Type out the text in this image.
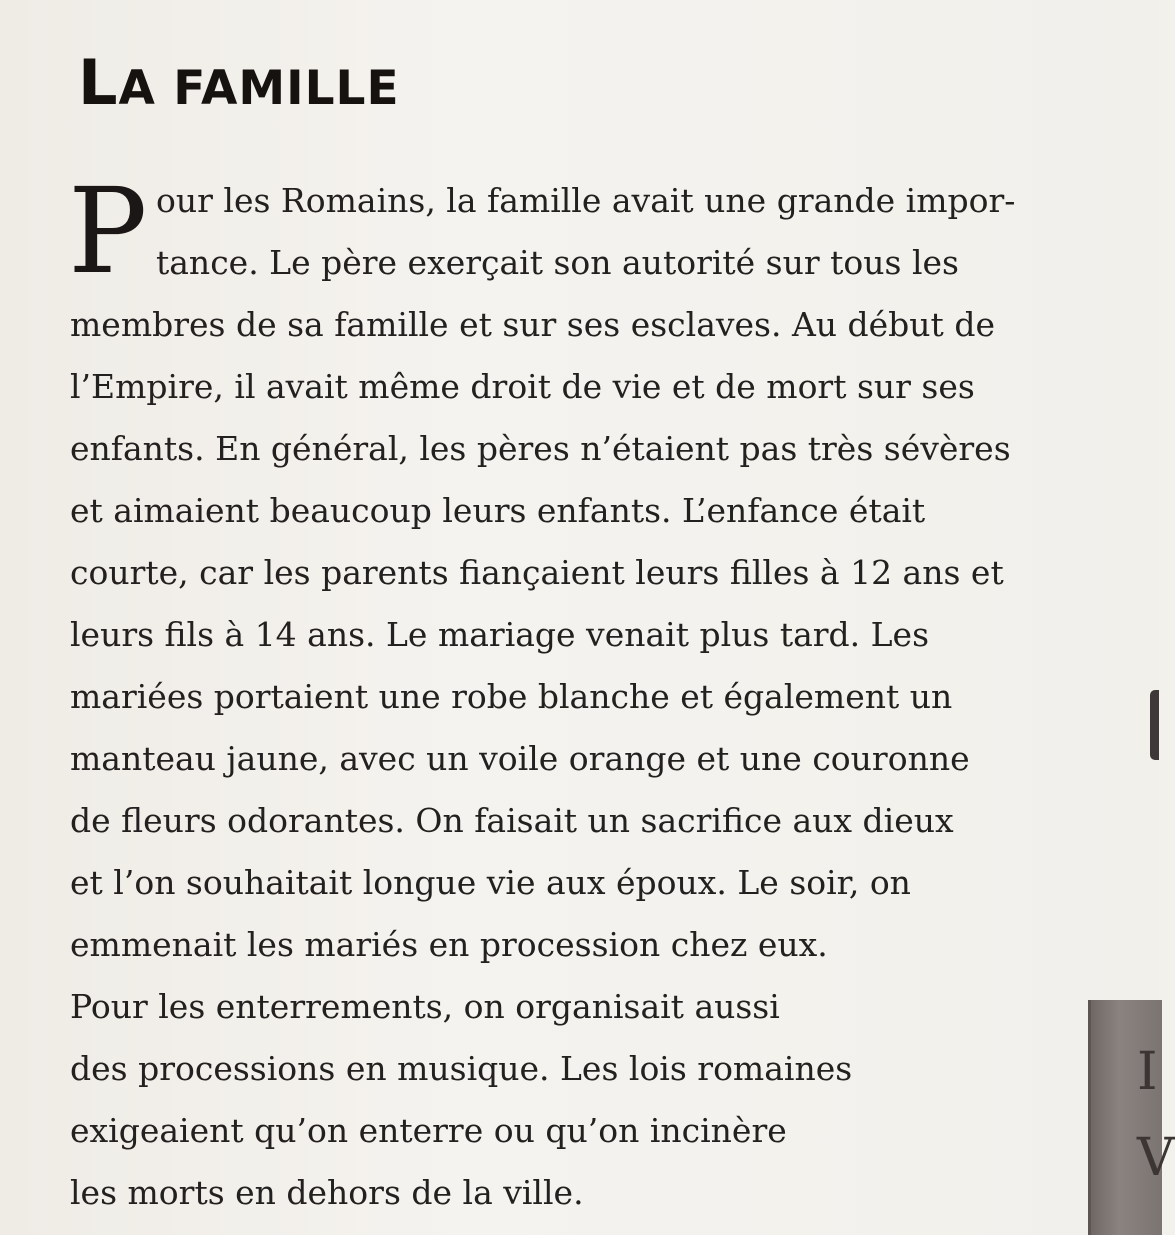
LA FAMILLE
P our les Romains, la famille avait une grande impor-
tance. Le père exerçait son autorité sur tous les
membres de sa famille et sur ses esclaves. Au début de
l’Empire, il avait même droit de vie et de mort sur ses
enfants. En général, les pères n’étaient pas très sévères
et aimaient beaucoup leurs enfants. L’enfance était
courte, car les parents fiançaient leurs filles à 12 ans et
leurs fils à 14 ans. Le mariage venait plus tard. Les
mariées portaient une robe blanche et également un
manteau jaune, avec un voile orange et une couronne
de fleurs odorantes. On faisait un sacrifice aux dieux
et l’on souhaitait longue vie aux époux. Le soir, on
emmenait les mariés en procession chez eux.
Pour les enterrements, on organisait aussi
des processions en musique. Les lois romaines
exigeaient qu’on enterre ou qu’on incinère
les morts en dehors de la ville.
I
V
